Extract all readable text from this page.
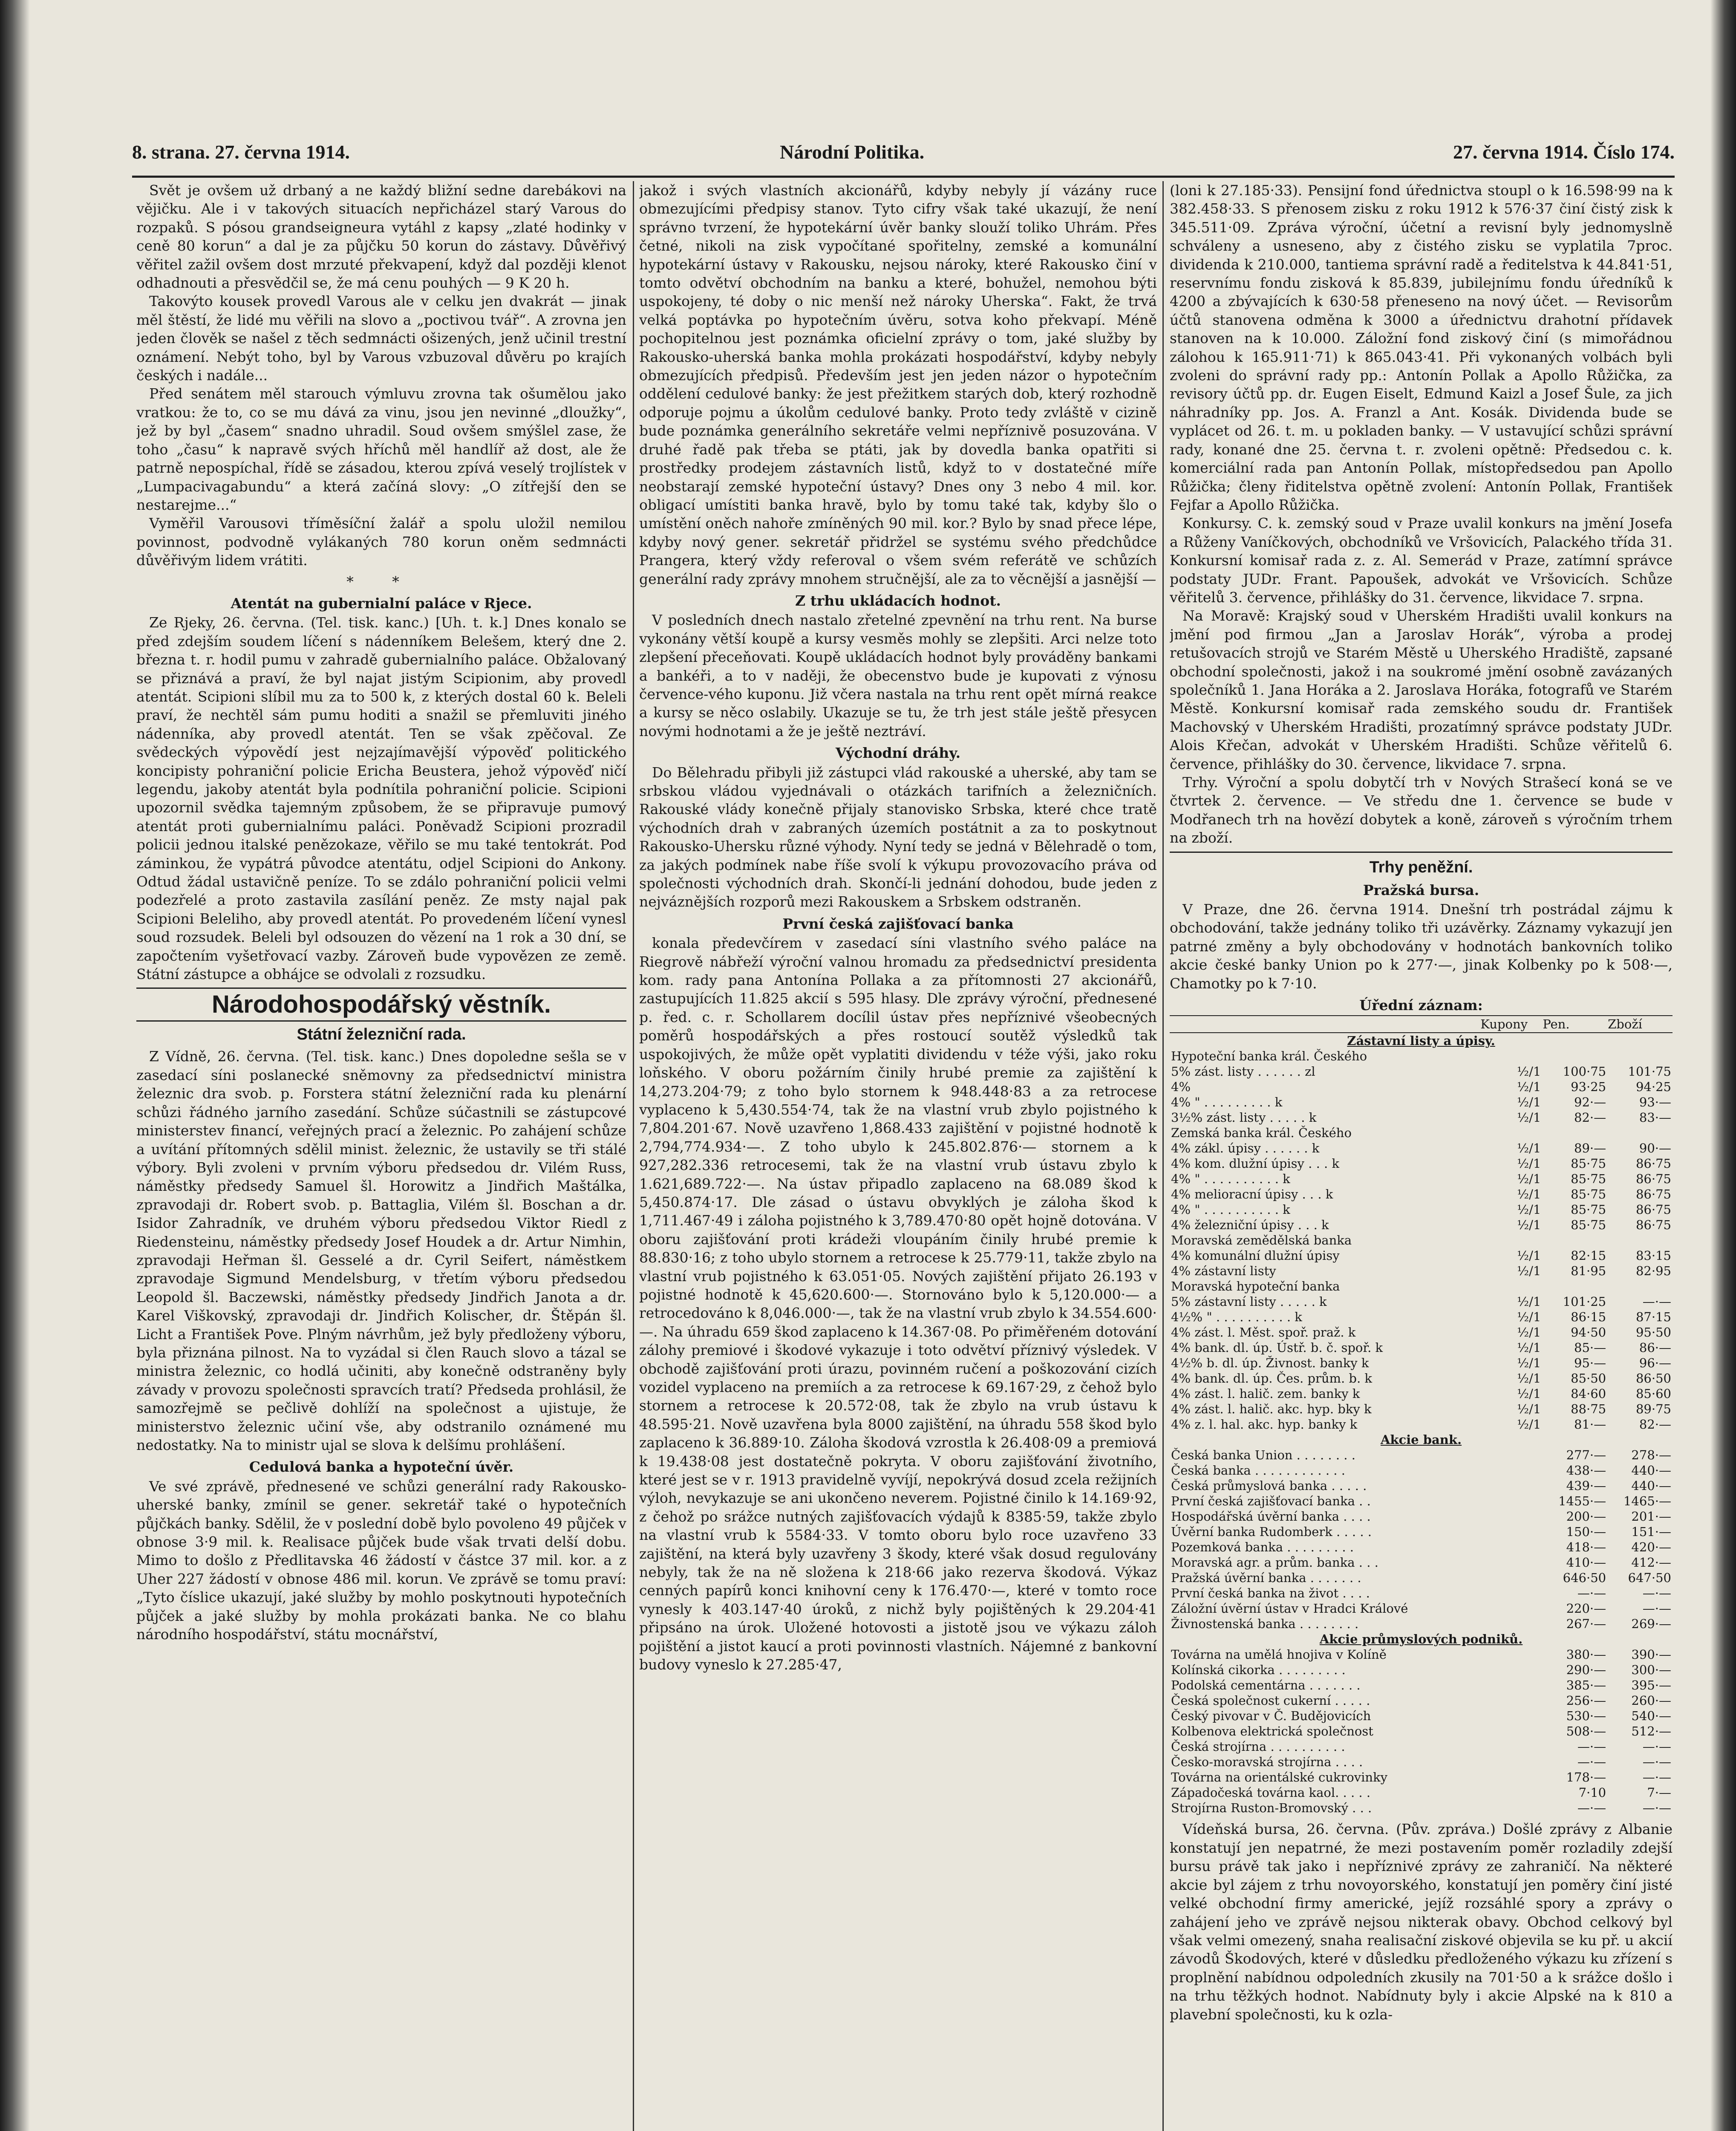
8. strana. 27. června 1914.	Národní Politika.	27. června 1914. Číslo 174.

Svět je ovšem už drbaný a ne každý bližní sedne darebákovi na vějičku. Ale i v takových situacích nepřicházel starý Varous do rozpaků. S pósou grandseigneura vytáhl z kapsy „zlaté hodinky v ceně 80 korun“ a dal je za půjčku 50 korun do zástavy. Důvěřivý věřitel zažil ovšem dost mrzuté překvapení, když dal později klenot odhadnouti a přesvědčil se, že má cenu pouhých — 9 K 20 h.

Takovýto kousek provedl Varous ale v celku jen dvakrát — jinak měl štěstí, že lidé mu věřili na slovo a „poctivou tvář“. A zrovna jen jeden člověk se našel z těch sedmnácti ošizených, jenž učinil trestní oznámení. Nebýt toho, byl by Varous vzbuzoval důvěru po krajích českých i nadále...

Před senátem měl starouch výmluvu zrovna tak ošumělou jako vratkou: že to, co se mu dává za vinu, jsou jen nevinné „dloužky“, jež by byl „časem“ snadno uhradil. Soud ovšem smýšlel zase, že toho „času“ k napravě svých hříchů měl handlíř až dost, ale že patrně nepospíchal, řídě se zásadou, kterou zpívá veselý trojlístek v „Lumpacivagabundu“ a která začíná slovy: „O zítřejší den se nestarejme...“

Vyměřil Varousovi tříměsíční žalář a spolu uložil nemilou povinnost, podvodně vylákaných 780 korun oněm sedmnácti důvěřivým lidem vrátiti.

* *
Atentát na gubernialní paláce v Rjece.

Ze Rjeky, 26. června. (Tel. tisk. kanc.) [Uh. t. k.] Dnes konalo se před zdejším soudem líčení s nádenníkem Belešem, který dne 2. března t. r. hodil pumu v zahradě gubernialního paláce. Obžalovaný se přiznává a praví, že byl najat jistým Scipionim, aby provedl atentát. Scipioni slíbil mu za to 500 k, z kterých dostal 60 k. Beleli praví, že nechtěl sám pumu hoditi a snažil se přemluviti jiného nádenníka, aby provedl atentát. Ten se však zpěčoval. Ze svědeckých výpovědí jest nejzajímavější výpověď politického koncipisty pohraniční policie Ericha Beustera, jehož výpověď ničí legendu, jakoby atentát byla podnítila pohraniční policie. Scipioni upozornil svědka tajemným způsobem, že se připravuje pumový atentát proti gubernialnímu paláci. Poněvadž Scipioni prozradil policii jednou italské penězokaze, věřilo se mu také tentokrát. Pod záminkou, že vypátrá původce atentátu, odjel Scipioni do Ankony. Odtud žádal ustavičně peníze. To se zdálo pohraniční policii velmi podezřelé a proto zastavila zasílání peněz. Ze msty najal pak Scipioni Beleliho, aby provedl atentát. Po provedeném líčení vynesl soud rozsudek. Beleli byl odsouzen do vězení na 1 rok a 30 dní, se započtením vyšetřovací vazby. Zároveň bude vypovězen ze země. Státní zástupce a obhájce se odvolali z rozsudku.

Národohospodářský věstník.
Státní železniční rada.

Z Vídně, 26. června. (Tel. tisk. kanc.) Dnes dopoledne sešla se v zasedací síni poslanecké sněmovny za předsednictví ministra železnic dra svob. p. Forstera státní železniční rada ku plenární schůzi řádného jarního zasedání. Schůze súčastnili se zástupcové ministerstev financí, veřejných prací a železnic. Po zahájení schůze a uvítání přítomných sdělil minist. železnic, že ustavily se tři stálé výbory. Byli zvoleni v prvním výboru předsedou dr. Vilém Russ, náměstky předsedy Samuel šl. Horowitz a Jindřich Maštálka, zpravodaji dr. Robert svob. p. Battaglia, Vilém šl. Boschan a dr. Isidor Zahradník, ve druhém výboru předsedou Viktor Riedl z Riedensteinu, náměstky předsedy Josef Houdek a dr. Artur Nimhin, zpravodaji Heřman šl. Gesselé a dr. Cyril Seifert, náměstkem zpravodaje Sigmund Mendelsburg, v třetím výboru předsedou Leopold šl. Baczewski, náměstky předsedy Jindřich Janota a dr. Karel Viškovský, zpravodaji dr. Jindřich Kolischer, dr. Štěpán šl. Licht a František Pove. Plným návrhům, jež byly předloženy výboru, byla přiznána pilnost. Na to vyzádal si člen Rauch slovo a tázal se ministra železnic, co hodlá učiniti, aby konečně odstraněny byly závady v provozu společnosti spravcích tratí? Předseda prohlásil, že samozřejmě se pečlivě dohlíží na společnost a ujistuje, že ministerstvo železnic učiní vše, aby odstranilo oznámené mu nedostatky. Na to ministr ujal se slova k delšímu prohlášení.

Cedulová banka a hypoteční úvěr.

Ve své zprávě, přednesené ve schůzi generální rady Rakousko-uherské banky, zmínil se gener. sekretář také o hypotečních půjčkách banky. Sdělil, že v poslední době bylo povoleno 49 půjček v obnose 3·9 mil. k. Realisace půjček bude však trvati delší dobu. Mimo to došlo z Předlitavska 46 žádostí v částce 37 mil. kor. a z Uher 227 žádostí v obnose 486 mil. korun. Ve zprávě se tomu praví: „Tyto číslice ukazují, jaké služby by mohlo poskytnouti hypotečních půjček a jaké služby by mohla prokázati banka. Ne co blahu národního hospodářství, státu mocnářství,

jakož i svých vlastních akcionářů, kdyby nebyly jí vázány ruce obmezujícími předpisy stanov. Tyto cifry však také ukazují, že není správno tvrzení, že hypotekární úvěr banky slouží toliko Uhrám. Přes četné, nikoli na zisk vypočítané spořitelny, zemské a komunální hypotekární ústavy v Rakousku, nejsou nároky, které Rakousko činí v tomto odvětví obchodním na banku a které, bohužel, nemohou býti uspokojeny, té doby o nic menší než nároky Uherska“. Fakt, že trvá velká poptávka po hypotečním úvěru, sotva koho překvapí. Méně pochopitelnou jest poznámka oficielní zprávy o tom, jaké služby by Rakousko-uherská banka mohla prokázati hospodářství, kdyby nebyly obmezujících předpisů. Především jest jen jeden názor o hypotečním oddělení cedulové banky: že jest přežitkem starých dob, který rozhodně odporuje pojmu a úkolům cedulové banky. Proto tedy zvláště v cizině bude poznámka generálního sekretáře velmi nepříznivě posuzována. V druhé řadě pak třeba se ptáti, jak by dovedla banka opatřiti si prostředky prodejem zástavních listů, když to v dostatečné míře neobstarají zemské hypoteční ústavy? Dnes ony 3 nebo 4 mil. kor. obligací umístiti banka hravě, bylo by tomu také tak, kdyby šlo o umístění oněch nahoře zmíněných 90 mil. kor.? Bylo by snad přece lépe, kdyby nový gener. sekretář přidržel se systému svého předchůdce Prangera, který vždy referoval o všem svém referátě ve schůzích generální rady zprávy mnohem stručnější, ale za to věcnější a jasnější —

Z trhu ukládacích hodnot.

V posledních dnech nastalo zřetelné zpevnění na trhu rent. Na burse vykonány větší koupě a kursy vesměs mohly se zlepšiti. Arci nelze toto zlepšení přeceňovati. Koupě ukládacích hodnot byly prováděny bankami a bankéři, a to v naději, že obecenstvo bude je kupovati z výnosu července-vého kuponu. Již včera nastala na trhu rent opět mírná reakce a kursy se něco oslabily. Ukazuje se tu, že trh jest stále ještě přesycen novými hodnotami a že je ještě neztráví.

Východní dráhy.

Do Bělehradu přibyli již zástupci vlád rakouské a uherské, aby tam se srbskou vládou vyjednávali o otázkách tarifních a železničních. Rakouské vlády konečně přijaly stanovisko Srbska, které chce tratě východních drah v zabraných územích postátnit a za to poskytnout Rakousko-Uhersku různé výhody. Nyní tedy se jedná v Bělehradě o tom, za jakých podmínek nabe říše svolí k výkupu provozovacího práva od společnosti východních drah. Skončí-li jednání dohodou, bude jeden z nejváznějších rozporů mezi Rakouskem a Srbskem odstraněn.

První česká zajišťovací banka

konala předevčírem v zasedací síni vlastního svého paláce na Riegrově nábřeží výroční valnou hromadu za předsednictví presidenta kom. rady pana Antonína Pollaka a za přítomnosti 27 akcionářů, zastupujících 11.825 akcií s 595 hlasy. Dle zprávy výroční, přednesené p. řed. c. r. Schollarem docílil ústav přes nepříznivé všeobecných poměrů hospodářských a přes rostoucí soutěž výsledků tak uspokojivých, že může opět vyplatiti dividendu v téže výši, jako roku loňského. V oboru požárním činily hrubé premie za zajištění k 14,273.204·79; z toho bylo stornem k 948.448·83 a za retrocese vyplaceno k 5,430.554·74, tak že na vlastní vrub zbylo pojistného k 7,804.201·67. Nově uzavřeno 1,868.433 zajištění v pojistné hodnotě k 2,794,774.934·—. Z toho ubylo k 245.802.876·— stornem a k 927,282.336 retrocesemi, tak že na vlastní vrub ústavu zbylo k 1.621,689.722·—. Na ústav připadlo zaplaceno na 68.089 škod k 5,450.874·17. Dle zásad o ústavu obvyklých je záloha škod k 1,711.467·49 i záloha pojistného k 3,789.470·80 opět hojně dotována. V oboru zajišťování proti krádeži vloupáním činily hrubé premie k 88.830·16; z toho ubylo stornem a retrocese k 25.779·11, takže zbylo na vlastní vrub pojistného k 63.051·05. Nových zajištění přijato 26.193 v pojistné hodnotě k 45,620.600·—. Stornováno bylo k 5,120.000·— a retrocedováno k 8,046.000·—, tak že na vlastní vrub zbylo k 34.554.600·—. Na úhradu 659 škod zaplaceno k 14.367·08. Po přiměřeném dotování zálohy premiové i škodové vykazuje i toto odvětví příznivý výsledek. V obchodě zajišťování proti úrazu, povinném ručení a poškozování cizích vozidel vyplaceno na premiích a za retrocese k 69.167·29, z čehož bylo stornem a retrocese k 20.572·08, tak že zbylo na vrub ústavu k 48.595·21. Nově uzavřena byla 8000 zajištění, na úhradu 558 škod bylo zaplaceno k 36.889·10. Záloha škodová vzrostla k 26.408·09 a premiová k 19.438·08 jest dostatečně pokryta. V oboru zajišťování životního, které jest se v r. 1913 pravidelně vyvíjí, nepokrývá dosud zcela režijních výloh, nevykazuje se ani ukončeno neverem. Pojistné činilo k 14.169·92, z čehož po srážce nutných zajišťovacích výdajů k 8385·59, takže zbylo na vlastní vrub k 5584·33. V tomto oboru bylo roce uzavřeno 33 zajištění, na která byly uzavřeny 3 škody, které však dosud regulovány nebyly, tak že na ně složena k 218·66 jako rezerva škodová. Výkaz cenných papírů konci knihovní ceny k 176.470·—, které v tomto roce vynesly k 403.147·40 úroků, z nichž byly pojištěných k 29.204·41 připsáno na úrok. Uložené hotovosti a jistotě jsou ve výkazu záloh pojištění a jistot kaucí a proti povinnosti vlastních. Nájemné z bankovní budovy vyneslo k 27.285·47,

(loni k 27.185·33). Pensijní fond úřednictva stoupl o k 16.598·99 na k 382.458·33. S přenosem zisku z roku 1912 k 576·37 činí čistý zisk k 345.511·09. Zpráva výroční, účetní a revisní byly jednomyslně schváleny a usneseno, aby z čistého zisku se vyplatila 7proc. dividenda k 210.000, tantiema správní radě a ředitelstva k 44.841·51, reservnímu fondu zisková k 85.839, jubilejnímu fondu úředníků k 4200 a zbývajících k 630·58 přeneseno na nový účet. — Revisorům účtů stanovena odměna k 3000 a úřednictvu drahotní přídavek stanoven na k 10.000. Záložní fond ziskový činí (s mimořádnou zálohou k 165.911·71) k 865.043·41. Při vykonaných volbách byli zvoleni do správní rady pp.: Antonín Pollak a Apollo Růžička, za revisory účtů pp. dr. Eugen Eiselt, Edmund Kaizl a Josef Šule, za jich náhradníky pp. Jos. A. Franzl a Ant. Kosák. Dividenda bude se vyplácet od 26. t. m. u pokladen banky. — V ustavující schůzi správní rady, konané dne 25. června t. r. zvoleni opětně: Předsedou c. k. komerciální rada pan Antonín Pollak, místopředsedou pan Apollo Růžička; členy řiditelstva opětně zvolení: Antonín Pollak, František Fejfar a Apollo Růžička.

Konkursy. C. k. zemský soud v Praze uvalil konkurs na jmění Josefa a Růženy Vaníčkových, obchodníků ve Vršovicích, Palackého třída 31. Konkursní komisař rada z. z. Al. Semerád v Praze, zatímní správce podstaty JUDr. Frant. Papoušek, advokát ve Vršovicích. Schůze věřitelů 3. července, přihlášky do 31. července, likvidace 7. srpna.

Na Moravě: Krajský soud v Uherském Hradišti uvalil konkurs na jmění pod firmou „Jan a Jaroslav Horák“, výroba a prodej retušovacích strojů ve Starém Městě u Uherského Hradiště, zapsané obchodní společnosti, jakož i na soukromé jmění osobně zavázaných společníků 1. Jana Horáka a 2. Jaroslava Horáka, fotografů ve Starém Městě. Konkursní komisař rada zemského soudu dr. František Machovský v Uherském Hradišti, prozatímný správce podstaty JUDr. Alois Křečan, advokát v Uherském Hradišti. Schůze věřitelů 6. července, přihlášky do 30. července, likvidace 7. srpna.

Trhy. Výroční a spolu dobytčí trh v Nových Strašecí koná se ve čtvrtek 2. července. — Ve středu dne 1. července se bude v Modřanech trh na hovězí dobytek a koně, zároveň s výročním trhem na zboží.

Trhy peněžní.
Pražská bursa.

V Praze, dne 26. června 1914. Dnešní trh postrádal zájmu k obchodování, takže jednány toliko tři uzávěrky. Záznamy vykazují jen patrné změny a byly obchodovány v hodnotách bankovních toliko akcie české banky Union po k 277·—, jinak Kolbenky po k 508·—, Chamotky po k 7·10.

Úřední záznam:
	Kupony	Pen.	Zboží
Zástavní listy a úpisy.			
Hypoteční banka král. Českého			
5% zást. listy . . . . . . zl	½/1	100·75	101·75
4%	½/1	93·25	94·25
4% " . . . . . . . . . k	½/1	92·—	93·—
3½% zást. listy . . . . . k	½/1	82·—	83·—
Zemská banka král. Českého			
4% zákl. úpisy . . . . . . k	½/1	89·—	90·—
4% kom. dlužní úpisy . . . k	½/1	85·75	86·75
4% " . . . . . . . . . . k	½/1	85·75	86·75
4% melioracní úpisy . . . k	½/1	85·75	86·75
4% " . . . . . . . . . . k	½/1	85·75	86·75
4% železniční úpisy . . . k	½/1	85·75	86·75
Moravská zemědělská banka			
4% komunální dlužní úpisy	½/1	82·15	83·15
4% zástavní listy	½/1	81·95	82·95
Moravská hypoteční banka			
5% zástavní listy . . . . . k	½/1	101·25	—·—
4½% " . . . . . . . . . . k	½/1	86·15	87·15
4% zást. l. Měst. spoř. praž. k	½/1	94·50	95·50
4% bank. dl. úp. Ústř. b. č. spoř. k	½/1	85·—	86·—
4½% b. dl. úp. Živnost. banky k	½/1	95·—	96·—
4% bank. dl. úp. Čes. prům. b. k	½/1	85·50	86·50
4% zást. l. halič. zem. banky k	½/1	84·60	85·60
4% zást. l. halič. akc. hyp. bky k	½/1	88·75	89·75
4% z. l. hal. akc. hyp. banky k	½/1	81·—	82·—
Akcie bank.			
Česká banka Union . . . . . . . .		277·—	278·—
Česká banka . . . . . . . . . . . .		438·—	440·—
Česká průmyslová banka . . . . .		439·—	440·—
První česká zajišťovací banka . .		1455·—	1465·—
Hospodářská úvěrní banka . . . .		200·—	201·—
Úvěrní banka Rudomberk . . . . .		150·—	151·—
Pozemková banka . . . . . . . . .		418·—	420·—
Moravská agr. a prům. banka . . .		410·—	412·—
Pražská úvěrní banka . . . . . . .		646·50	647·50
První česká banka na život . . . .		—·—	—·—
Záložní úvěrní ústav v Hradci Králové		220·—	—·—
Živnostenská banka . . . . . . . .		267·—	269·—
Akcie průmyslových podniků.			
Továrna na umělá hnojiva v Kolíně		380·—	390·—
Kolínská cikorka . . . . . . . . .		290·—	300·—
Podolská cementárna . . . . . . .		385·—	395·—
Česká společnost cukerní . . . . .		256·—	260·—
Český pivovar v Č. Budějovicích		530·—	540·—
Kolbenova elektrická společnost		508·—	512·—
Česká strojírna . . . . . . . . . .		—·—	—·—
Česko-moravská strojírna . . . .		—·—	—·—
Továrna na orientálské cukrovinky		178·—	—·—
Západočeská továrna kaol. . . . .		7·10	7·—
Strojírna Ruston-Bromovský . . .		—·—	—·—

Vídeňská bursa, 26. června. (Pův. zpráva.) Došlé zprávy z Albanie konstatují jen nepatrné, že mezi postavením poměr rozladily zdejší bursu právě tak jako i nepříznivé zprávy ze zahraničí. Na některé akcie byl zájem z trhu novoyorského, konstatují jen poměry činí jisté velké obchodní firmy americké, jejíž rozsáhlé spory a zprávy o zahájení jeho ve zprávě nejsou nikterak obavy. Obchod celkový byl však velmi omezený, snaha realisační ziskové objevila se ku př. u akcií závodů Škodových, které v důsledku předloženého výkazu ku zřízení s proplnění nabídnou odpoledních zkusily na 701·50 a k srážce došlo i na trhu těžkých hodnot. Nabídnuty byly i akcie Alpské na k 810 a plavební společnosti, ku k ozla-
